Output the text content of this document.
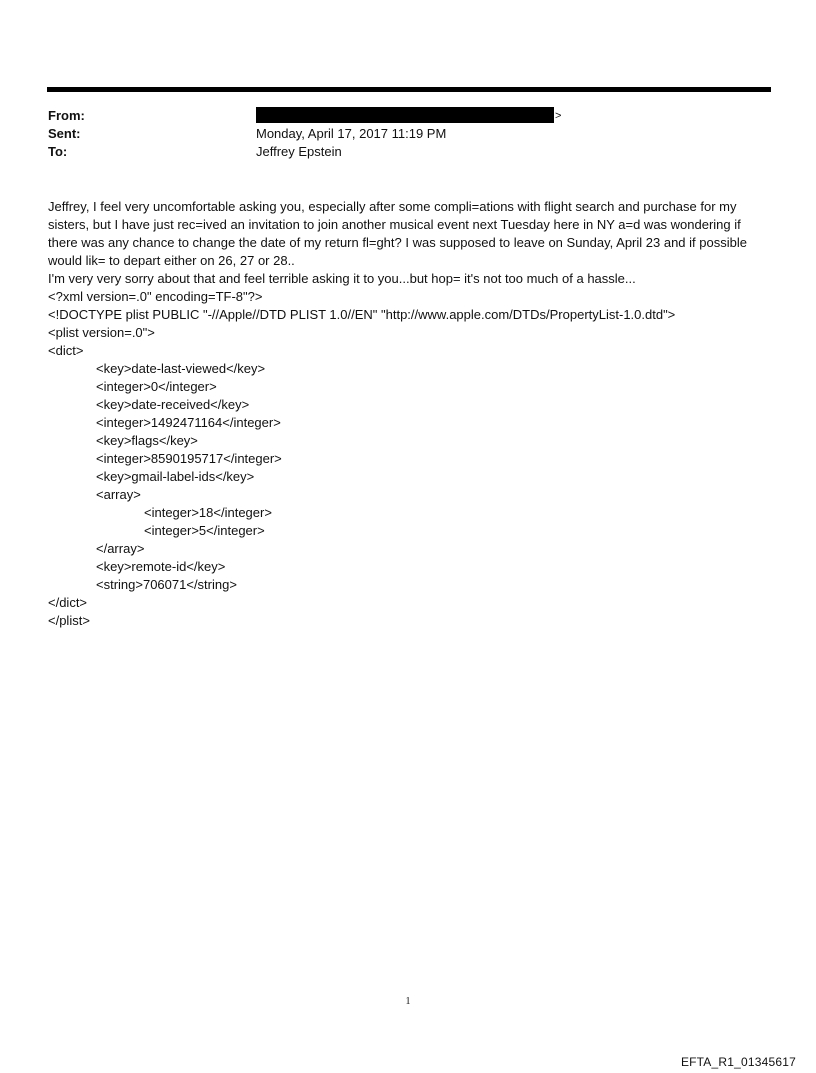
From:	>
Sent:	Monday, April 17, 2017 11:19 PM
To:	Jeffrey Epstein

Jeffrey, I feel very uncomfortable asking you, especially after some compli=ations with flight search and purchase for my sisters, but I have just rec=ived an invitation to join another musical event next Tuesday here in NY a=d was wondering if there was any chance to change the date of my return fl=ght? I was supposed to leave on Sunday, April 23 and if possible would lik= to depart either on 26, 27 or 28..

I'm very very sorry about that and feel terrible asking it to you...but hop= it's not too much of a hassle...

<?xml version=.0" encoding=TF-8"?>
<!DOCTYPE plist PUBLIC "-//Apple//DTD PLIST 1.0//EN" "http://www.apple.com/DTDs/PropertyList-1.0.dtd">
<plist version=.0">
<dict>
<key>date-last-viewed</key>
<integer>0</integer>
<key>date-received</key>
<integer>1492471164</integer>
<key>flags</key>
<integer>8590195717</integer>
<key>gmail-label-ids</key>
<array>
<integer>18</integer>
<integer>5</integer>
</array>
<key>remote-id</key>
<string>706071</string>
</dict>
</plist>
1
EFTA_R1_01345617
